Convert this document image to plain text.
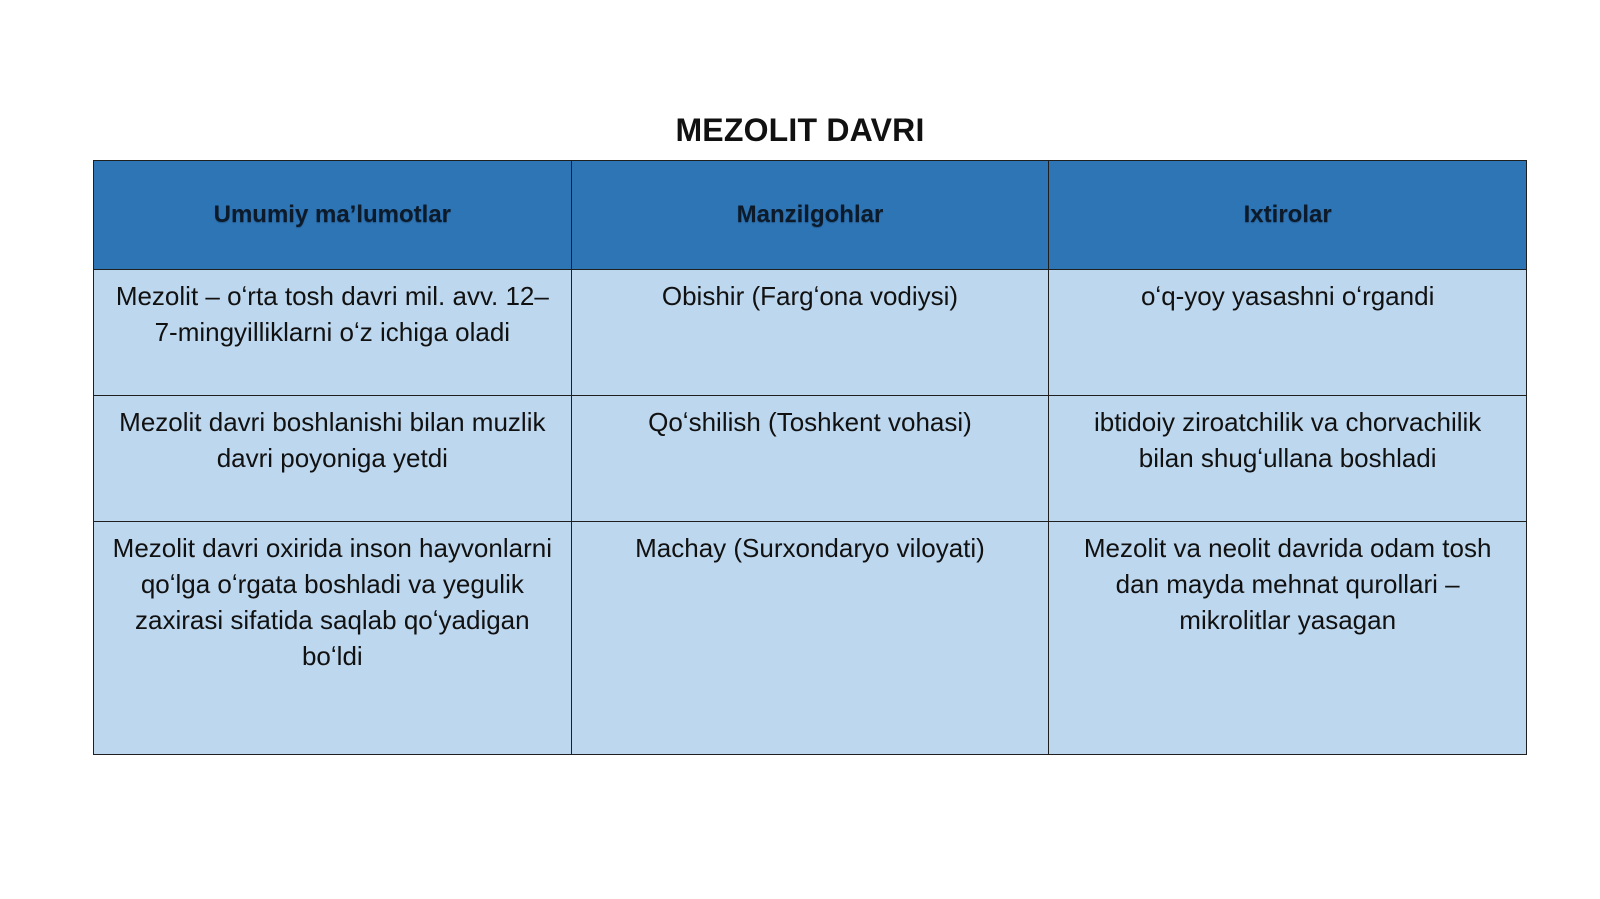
MEZOLIT DAVRI
Umumiy ma’lumotlar	Manzilgohlar	Ixtirolar
Mezolit – oʻrta tosh davri mil. avv. 12–7-mingyilliklarni oʻz ichiga oladi	Obishir (Fargʻona vodiysi)	oʻq-yoy yasashni oʻrgandi
Mezolit davri boshlanishi bilan muzlik davri poyoniga yetdi	Qoʻshilish (Toshkent vohasi)	ibtidoiy ziroatchilik va chorvachilik bilan shugʻullana boshladi
Mezolit davri oxirida inson hayvonlarni qoʻlga oʻrgata boshladi va yegulik zaxirasi sifatida saqlab qoʻyadigan boʻldi	Machay (Surxondaryo viloyati)	Mezolit va neolit davrida odam tosh dan mayda mehnat qurollari – mikrolitlar yasagan
